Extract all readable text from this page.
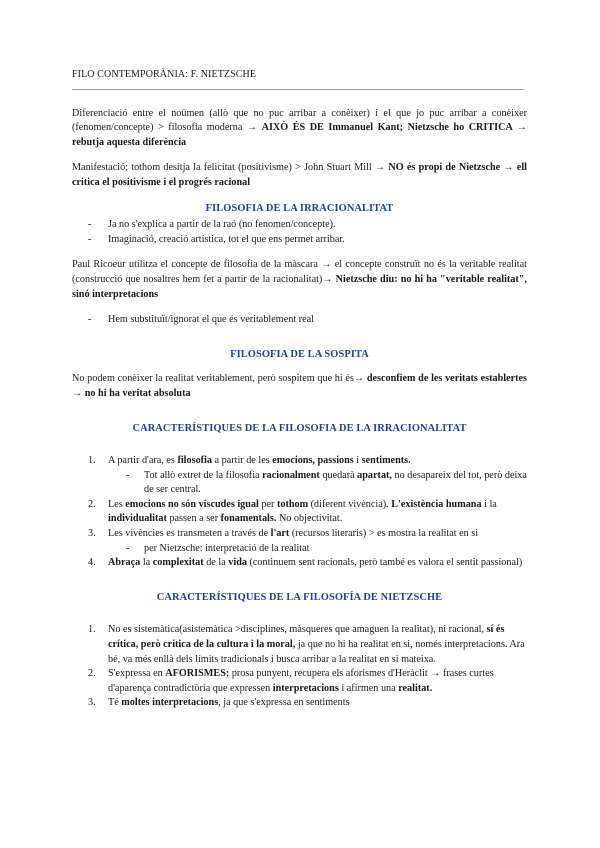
FILO CONTEMPORÀNIA: F. NIETZSCHE

Diferenciació entre el noümen (allò que no puc arribar a conèixer) i el que jo puc arribar a conèixer (fenomen/concepte) > filosofia moderna → AIXÒ ÉS DE Immanuel Kant; Nietzsche ho CRITICA → rebutja aquesta diferència

Manifestació; tothom desitja la felicitat (positivisme) > John Stuart Mill → NO és propi de Nietzsche → ell critica el positivisme i el progrés racional

FILOSOFIA DE LA IRRACIONALITAT
- Ja no s'explica a partir de la raó (no fenomen/concepte).
- Imaginació, creació artística, tot el que ens permet arribar.

Paul Ricoeur utilitza el concepte de filosofia de la màscara → el concepte construït no és la veritable realitat (construcció que nosaltres hem fet a partir de la racionalitat)→ Nietzsche diu: no hi ha "veritable realitat", sinó interpretacions

- Hem substituït/ignorat el que és veritablement real
FILOSOFIA DE LA SOSPITA

No podem conèixer la realitat veritablement, però sospitem que hi és→ desconfiem de les veritats establertes → no hi ha veritat absoluta

CARACTERÍSTIQUES DE LA FILOSOFIA DE LA IRRACIONALITAT
1. A partir d'ara, es filosofia a partir de les emocions, passions i sentiments.
- Tot allò extret de la filosofia racionalment quedarà apartat, no desapareix del tot, però deixa de ser central.
2. Les emocions no són viscudes igual per tothom (diferent vivència). L'existència humana i la individualitat passen a ser fonamentals. No objectivitat.
3. Les vivències es transmeten a través de l'art (recursos literaris) > es mostra la realitat en si
- per Nietzsche: interpretació de la realitat
4. Abraça la complexitat de la vida (continuem sent racionals, però també es valora el sentit passional)
CARACTERÍSTIQUES DE LA FILOSOFÍA DE NIETZSCHE
1. No es sistemàtica(asistemàtica >disciplines, màsqueres que amaguen la realitat), ni racional, sí és crítica, però crítica de la cultura i la moral, ja que no hi ha realitat en si, només interpretacions. Ara bé, va més enllà dels límits tradicionals i busca arribar a la realitat en si mateixa.
2. S'expressa en AFORISMES; prosa punyent, recupera els aforismes d'Heràclit → frases curtes d'aparença contradictòria que expressen interpretacions i afirmen una realitat.
3. Té moltes interpretacions, ja que s'expressa en sentiments
